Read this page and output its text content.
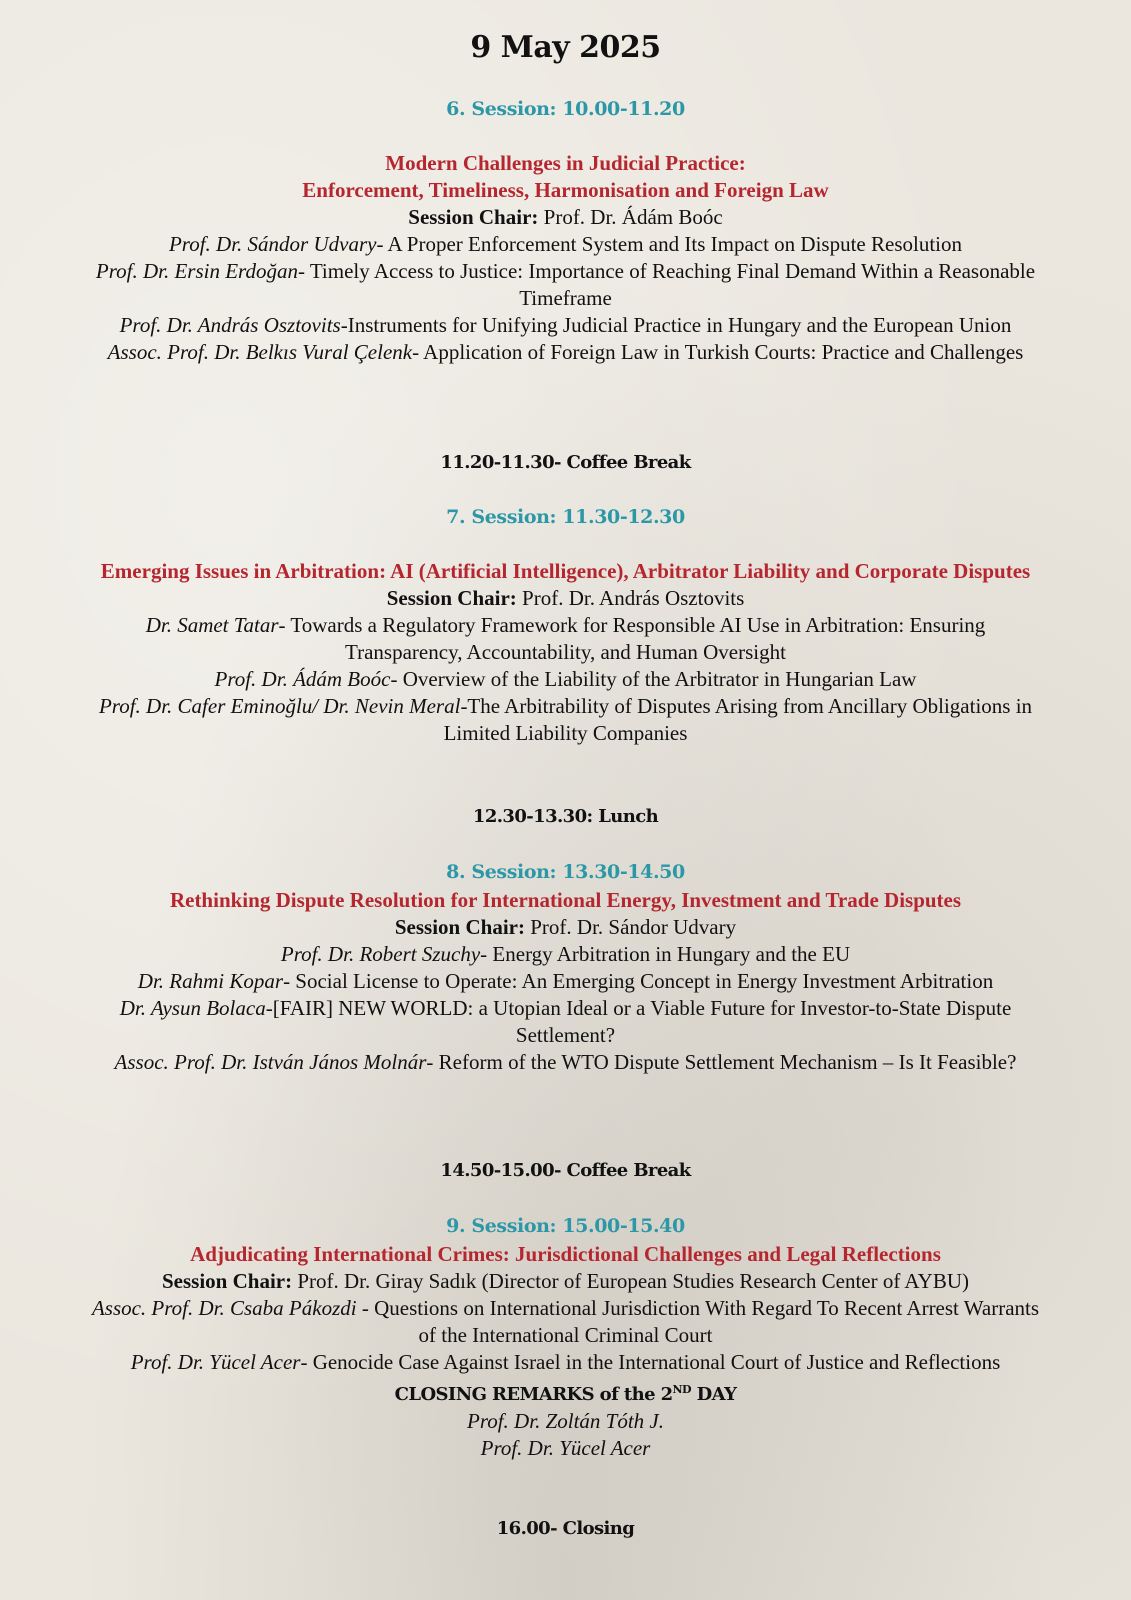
9 May 2025
6. Session: 10.00-11.20
Modern Challenges in Judicial Practice:
Enforcement, Timeliness, Harmonisation and Foreign Law
Session Chair: Prof. Dr. Ádám Boóc
Prof. Dr. Sándor Udvary- A Proper Enforcement System and Its Impact on Dispute Resolution
Prof. Dr. Ersin Erdoğan- Timely Access to Justice: Importance of Reaching Final Demand Within a Reasonable Timeframe
Prof. Dr. András Osztovits-Instruments for Unifying Judicial Practice in Hungary and the European Union
Assoc. Prof. Dr. Belkıs Vural Çelenk- Application of Foreign Law in Turkish Courts: Practice and Challenges
11.20-11.30- Coffee Break
7. Session: 11.30-12.30
Emerging Issues in Arbitration: AI (Artificial Intelligence), Arbitrator Liability and Corporate Disputes
Session Chair: Prof. Dr. András Osztovits
Dr. Samet Tatar- Towards a Regulatory Framework for Responsible AI Use in Arbitration: Ensuring Transparency, Accountability, and Human Oversight
Prof. Dr. Ádám Boóc- Overview of the Liability of the Arbitrator in Hungarian Law
Prof. Dr. Cafer Eminoğlu/ Dr. Nevin Meral-The Arbitrability of Disputes Arising from Ancillary Obligations in Limited Liability Companies
12.30-13.30: Lunch
8. Session: 13.30-14.50
Rethinking Dispute Resolution for International Energy, Investment and Trade Disputes
Session Chair: Prof. Dr. Sándor Udvary
Prof. Dr. Robert Szuchy- Energy Arbitration in Hungary and the EU
Dr. Rahmi Kopar- Social License to Operate: An Emerging Concept in Energy Investment Arbitration
Dr. Aysun Bolaca-[FAIR] NEW WORLD: a Utopian Ideal or a Viable Future for Investor-to-State Dispute Settlement?
Assoc. Prof. Dr. István János Molnár- Reform of the WTO Dispute Settlement Mechanism – Is It Feasible?
14.50-15.00- Coffee Break
9. Session: 15.00-15.40
Adjudicating International Crimes: Jurisdictional Challenges and Legal Reflections
Session Chair: Prof. Dr. Giray Sadık (Director of European Studies Research Center of AYBU)
Assoc. Prof. Dr. Csaba Pákozdi - Questions on International Jurisdiction With Regard To Recent Arrest Warrants of the International Criminal Court
Prof. Dr. Yücel Acer- Genocide Case Against Israel in the International Court of Justice and Reflections
CLOSING REMARKS of the 2ND DAY
Prof. Dr. Zoltán Tóth J.
Prof. Dr. Yücel Acer
16.00- Closing
